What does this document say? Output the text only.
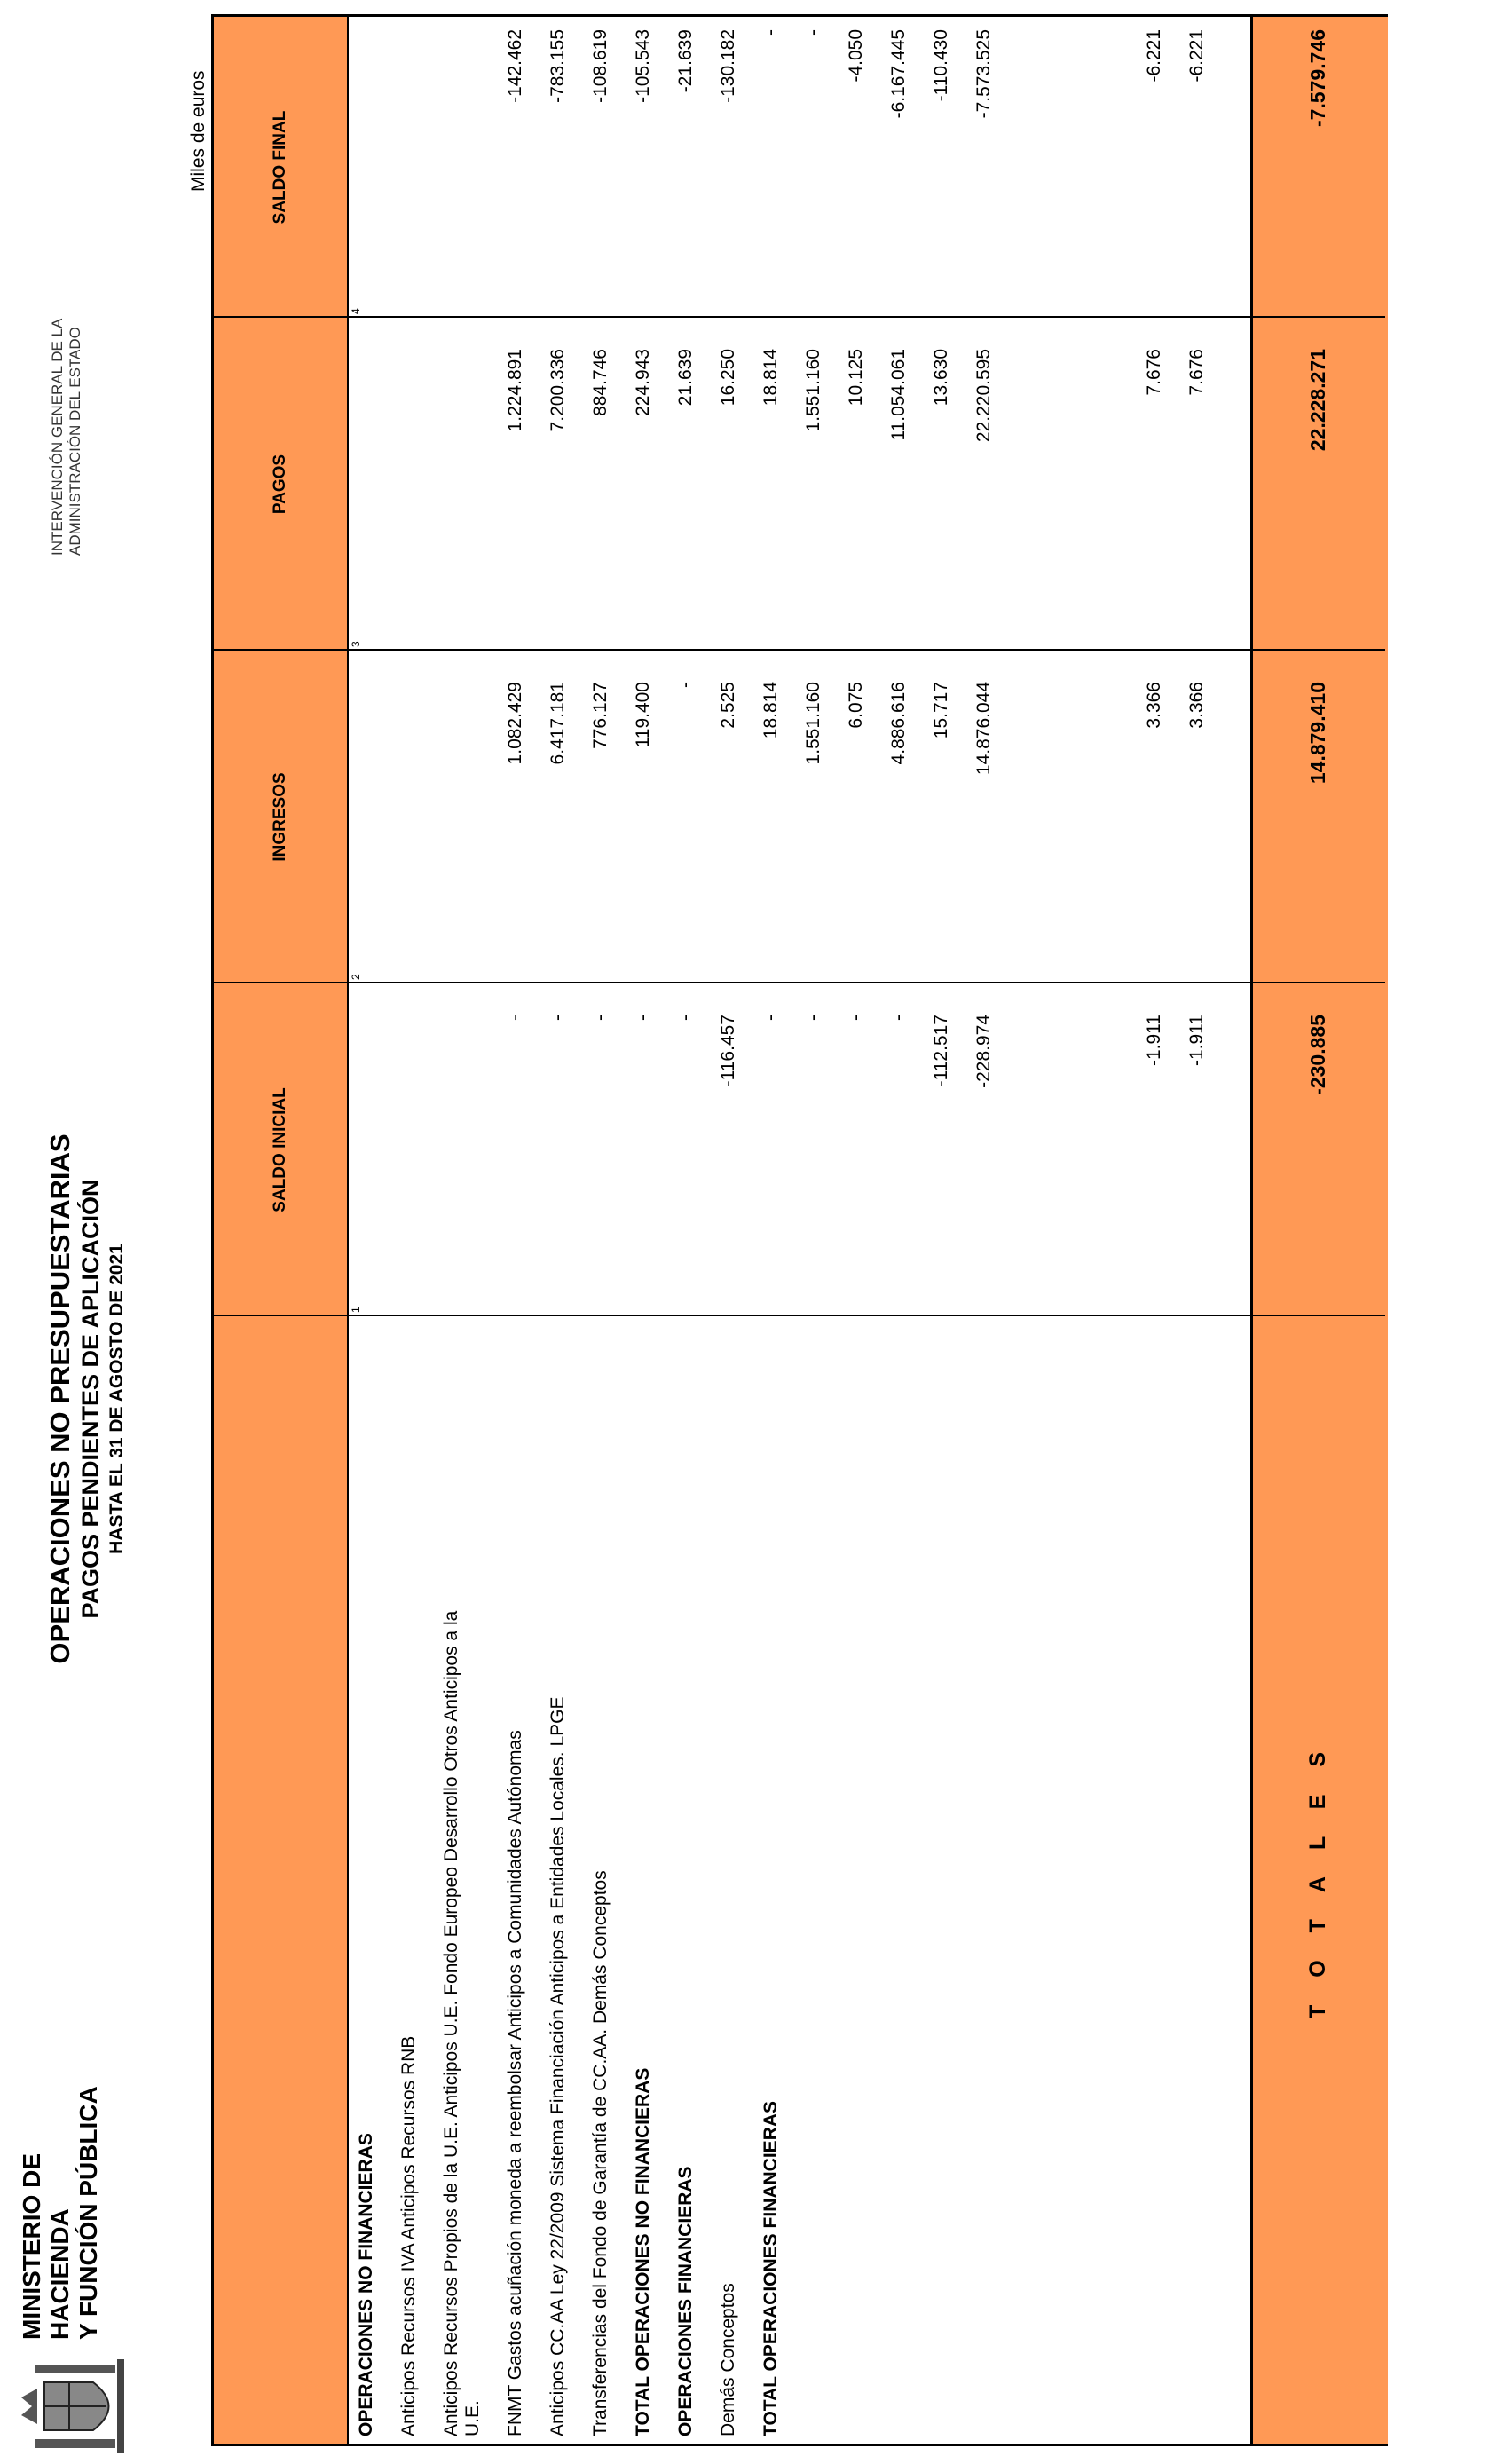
MINISTERIO DE HACIENDA Y FUNCIÓN PÚBLICA
OPERACIONES NO PRESUPUESTARIAS PAGOS PENDIENTES DE APLICACIÓN HASTA EL 31 DE AGOSTO DE 2021
INTERVENCIÓN GENERAL DE LA ADMINISTRACIÓN DEL ESTADO
Miles de euros
SALDO INICIAL
INGRESOS
PAGOS
SALDO FINAL
1
2
3
4
OPERACIONES NO FINANCIERAS Anticipos Recursos IVA Anticipos Recursos RNB Anticipos Recursos Propios de la U.E. Anticipos U.E. Fondo Europeo Desarrollo Otros Anticipos a la U.E. FNMT Gastos acuñación moneda a reembolsar Anticipos a Comunidades Autónomas
-
1.082.429
1.224.891
-142.462
Anticipos CC.AA Ley 22/2009 Sistema Financiación Anticipos a Entidades Locales. LPGE
-
6.417.181
7.200.336
-783.155
Transferencias del Fondo de Garantía de CC.AA. Demás Conceptos
-
776.127
884.746
-108.619
TOTAL OPERACIONES NO FINANCIERAS
-
119.400
224.943
-105.543
OPERACIONES FINANCIERAS
-
-
21.639
-21.639
Demás Conceptos
-116.457
2.525
16.250
-130.182
TOTAL OPERACIONES FINANCIERAS
-
18.814
18.814
-
-
1.551.160
1.551.160
-
-
6.075
10.125
-4.050
-
4.886.616
11.054.061
-6.167.445
-112.517
15.717
13.630
-110.430
-228.974
14.876.044
22.220.595
-7.573.525
-1.911
3.366
7.676
-6.221
-1.911
3.366
7.676
-6.221
T O T A L E S
-230.885
14.879.410
22.228.271
-7.579.746
